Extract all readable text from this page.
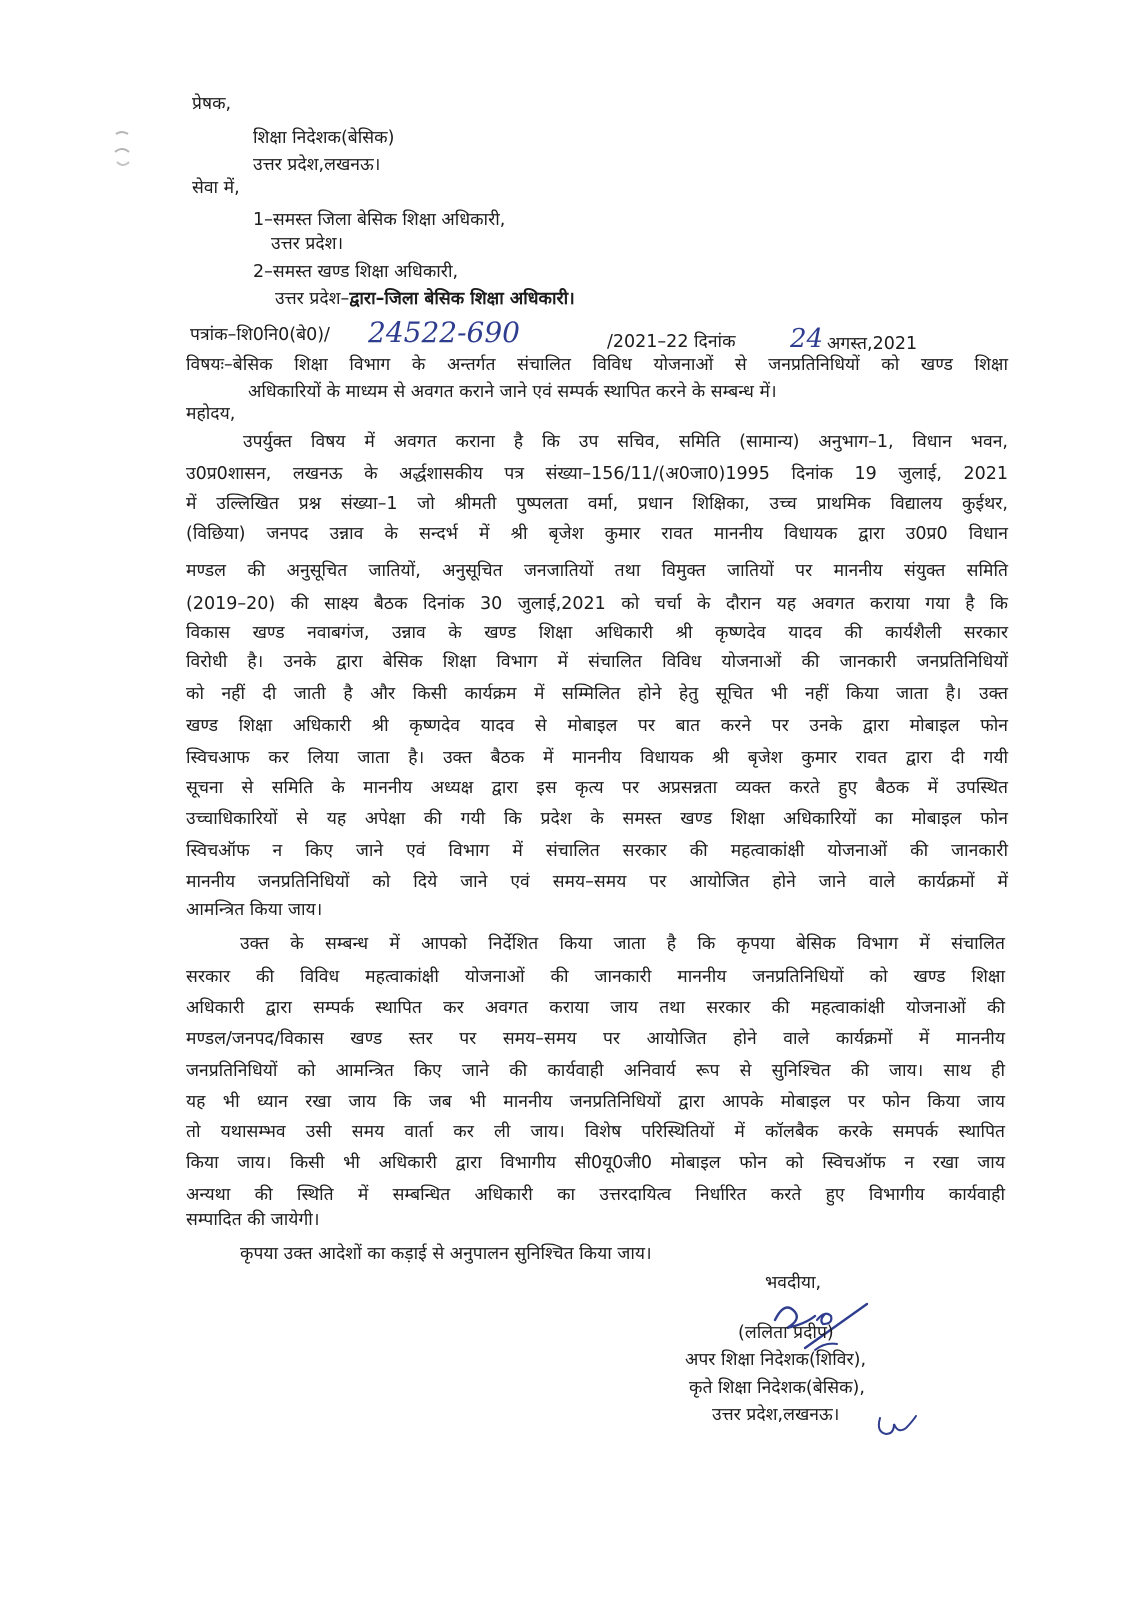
प्रेषक,
शिक्षा निदेशक(बेसिक)
उत्तर प्रदेश,लखनऊ।
सेवा में,
1–समस्त जिला बेसिक शिक्षा अधिकारी,
उत्तर प्रदेश।
2–समस्त खण्ड शिक्षा अधिकारी,
उत्तर प्रदेश–द्वारा–जिला बेसिक शिक्षा अधिकारी।
पत्रांक–शि0नि0(बे0)/ 24522-690	/2021–22 दिनांक 24 अगस्त,2021
विषयः–बेसिक शिक्षा विभाग के अन्तर्गत संचालित विविध योजनाओं से जनप्रतिनिधियों को खण्ड शिक्षा
अधिकारियों के माध्यम से अवगत कराने जाने एवं सम्पर्क स्थापित करने के सम्बन्ध में।
महोदय,
उपर्युक्त विषय में अवगत कराना है कि उप सचिव, समिति (सामान्य) अनुभाग–1, विधान भवन,
उ0प्र0शासन, लखनऊ के अर्द्धशासकीय पत्र संख्या–156/11/(अ0जा0)1995 दिनांक 19 जुलाई, 2021
में उल्लिखित प्रश्न संख्या–1 जो श्रीमती पुष्पलता वर्मा, प्रधान शिक्षिका, उच्च प्राथमिक विद्यालय कुईथर,
(विछिया) जनपद उन्नाव के सन्दर्भ में श्री बृजेश कुमार रावत माननीय विधायक द्वारा उ0प्र0 विधान
मण्डल की अनुसूचित जातियों, अनुसूचित जनजातियों तथा विमुक्त जातियों पर माननीय संयुक्त समिति
(2019–20) की साक्ष्य बैठक दिनांक 30 जुलाई,2021 को चर्चा के दौरान यह अवगत कराया गया है कि
विकास खण्ड नवाबगंज, उन्नाव के खण्ड शिक्षा अधिकारी श्री कृष्णदेव यादव की कार्यशैली सरकार
विरोधी है। उनके द्वारा बेसिक शिक्षा विभाग में संचालित विविध योजनाओं की जानकारी जनप्रतिनिधियों
को नहीं दी जाती है और किसी कार्यक्रम में सम्मिलित होने हेतु सूचित भी नहीं किया जाता है। उक्त
खण्ड शिक्षा अधिकारी श्री कृष्णदेव यादव से मोबाइल पर बात करने पर उनके द्वारा मोबाइल फोन
स्विचआफ कर लिया जाता है। उक्त बैठक में माननीय विधायक श्री बृजेश कुमार रावत द्वारा दी गयी
सूचना से समिति के माननीय अध्यक्ष द्वारा इस कृत्य पर अप्रसन्नता व्यक्त करते हुए बैठक में उपस्थित
उच्चाधिकारियों से यह अपेक्षा की गयी कि प्रदेश के समस्त खण्ड शिक्षा अधिकारियों का मोबाइल फोन
स्विचऑफ न किए जाने एवं विभाग में संचालित सरकार की महत्वाकांक्षी योजनाओं की जानकारी
माननीय जनप्रतिनिधियों को दिये जाने एवं समय–समय पर आयोजित होने जाने वाले कार्यक्रमों में
आमन्त्रित किया जाय।
उक्त के सम्बन्ध में आपको निर्देशित किया जाता है कि कृपया बेसिक विभाग में संचालित
सरकार की विविध महत्वाकांक्षी योजनाओं की जानकारी माननीय जनप्रतिनिधियों को खण्ड शिक्षा
अधिकारी द्वारा सम्पर्क स्थापित कर अवगत कराया जाय तथा सरकार की महत्वाकांक्षी योजनाओं की
मण्डल/जनपद/विकास खण्ड स्तर पर समय–समय पर आयोजित होने वाले कार्यक्रमों में माननीय
जनप्रतिनिधियों को आमन्त्रित किए जाने की कार्यवाही अनिवार्य रूप से सुनिश्चित की जाय। साथ ही
यह भी ध्यान रखा जाय कि जब भी माननीय जनप्रतिनिधियों द्वारा आपके मोबाइल पर फोन किया जाय
तो यथासम्भव उसी समय वार्ता कर ली जाय। विशेष परिस्थितियों में कॉलबैक करके समपर्क स्थापित
किया जाय। किसी भी अधिकारी द्वारा विभागीय सी0यू0जी0 मोबाइल फोन को स्विचऑफ न रखा जाय
अन्यथा की स्थिति में सम्बन्धित अधिकारी का उत्तरदायित्व निर्धारित करते हुए विभागीय कार्यवाही
सम्पादित की जायेगी।
कृपया उक्त आदेशों का कड़ाई से अनुपालन सुनिश्चित किया जाय।
भवदीया,
(ललिता प्रदीप)
अपर शिक्षा निदेशक(शिविर),
कृते शिक्षा निदेशक(बेसिक),
उत्तर प्रदेश,लखनऊ।
